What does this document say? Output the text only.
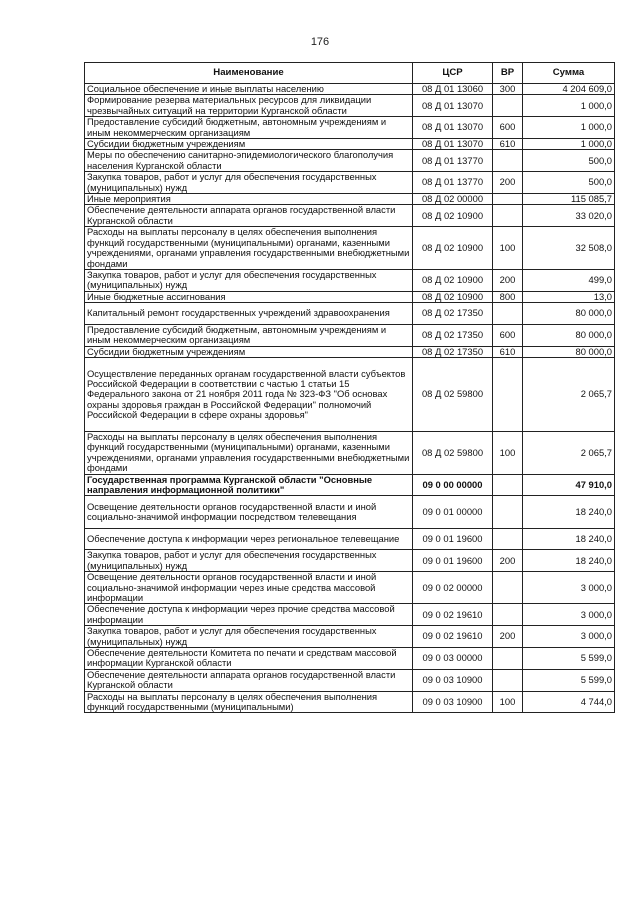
176
Наименование	ЦСР	ВР	Сумма
Социальное обеспечение и иные выплаты населению	08 Д 01 13060	300	4 204 609,0
Формирование резерва материальных ресурсов для ликвидации чрезвычайных ситуаций на территории Курганской области	08 Д 01 13070		1 000,0
Предоставление субсидий бюджетным, автономным учреждениям и иным некоммерческим организациям	08 Д 01 13070	600	1 000,0
Субсидии бюджетным учреждениям	08 Д 01 13070	610	1 000,0
Меры по обеспечению санитарно-эпидемиологического благополучия населения Курганской области	08 Д 01 13770		500,0
Закупка товаров, работ и услуг для обеспечения государственных (муниципальных) нужд	08 Д 01 13770	200	500,0
Иные мероприятия	08 Д 02 00000		115 085,7
Обеспечение деятельности аппарата органов государственной власти Курганской области	08 Д 02 10900		33 020,0
Расходы на выплаты персоналу в целях обеспечения выполнения функций государственными (муниципальными) органами, казенными учреждениями, органами управления государственными внебюджетными фондами	08 Д 02 10900	100	32 508,0
Закупка товаров, работ и услуг для обеспечения государственных (муниципальных) нужд	08 Д 02 10900	200	499,0
Иные бюджетные ассигнования	08 Д 02 10900	800	13,0
Капитальный ремонт государственных учреждений здравоохранения	08 Д 02 17350		80 000,0
Предоставление субсидий бюджетным, автономным учреждениям и иным некоммерческим организациям	08 Д 02 17350	600	80 000,0
Субсидии бюджетным учреждениям	08 Д 02 17350	610	80 000,0
Осуществление переданных органам государственной власти субъектов Российской Федерации в соответствии с частью 1 статьи 15 Федерального закона от 21 ноября 2011 года № 323-ФЗ "Об основах охраны здоровья граждан в Российской Федерации" полномочий Российской Федерации в сфере охраны здоровья"	08 Д 02 59800		2 065,7
Расходы на выплаты персоналу в целях обеспечения выполнения функций государственными (муниципальными) органами, казенными учреждениями, органами управления государственными внебюджетными фондами	08 Д 02 59800	100	2 065,7
Государственная программа Курганской области "Основные направления информационной политики"	09 0 00 00000		47 910,0
Освещение деятельности органов государственной власти и иной социально-значимой информации посредством телевещания	09 0 01 00000		18 240,0
Обеспечение доступа к информации через региональное телевещание	09 0 01 19600		18 240,0
Закупка товаров, работ и услуг для обеспечения государственных (муниципальных) нужд	09 0 01 19600	200	18 240,0
Освещение деятельности органов государственной власти и иной социально-значимой информации через иные средства массовой информации	09 0 02 00000		3 000,0
Обеспечение доступа к информации через прочие средства массовой информации	09 0 02 19610		3 000,0
Закупка товаров, работ и услуг для обеспечения государственных (муниципальных) нужд	09 0 02 19610	200	3 000,0
Обеспечение деятельности Комитета по печати и средствам массовой информации Курганской области	09 0 03 00000		5 599,0
Обеспечение деятельности аппарата органов государственной власти Курганской области	09 0 03 10900		5 599,0
Расходы на выплаты персоналу в целях обеспечения выполнения функций государственными (муниципальными)	09 0 03 10900	100	4 744,0
